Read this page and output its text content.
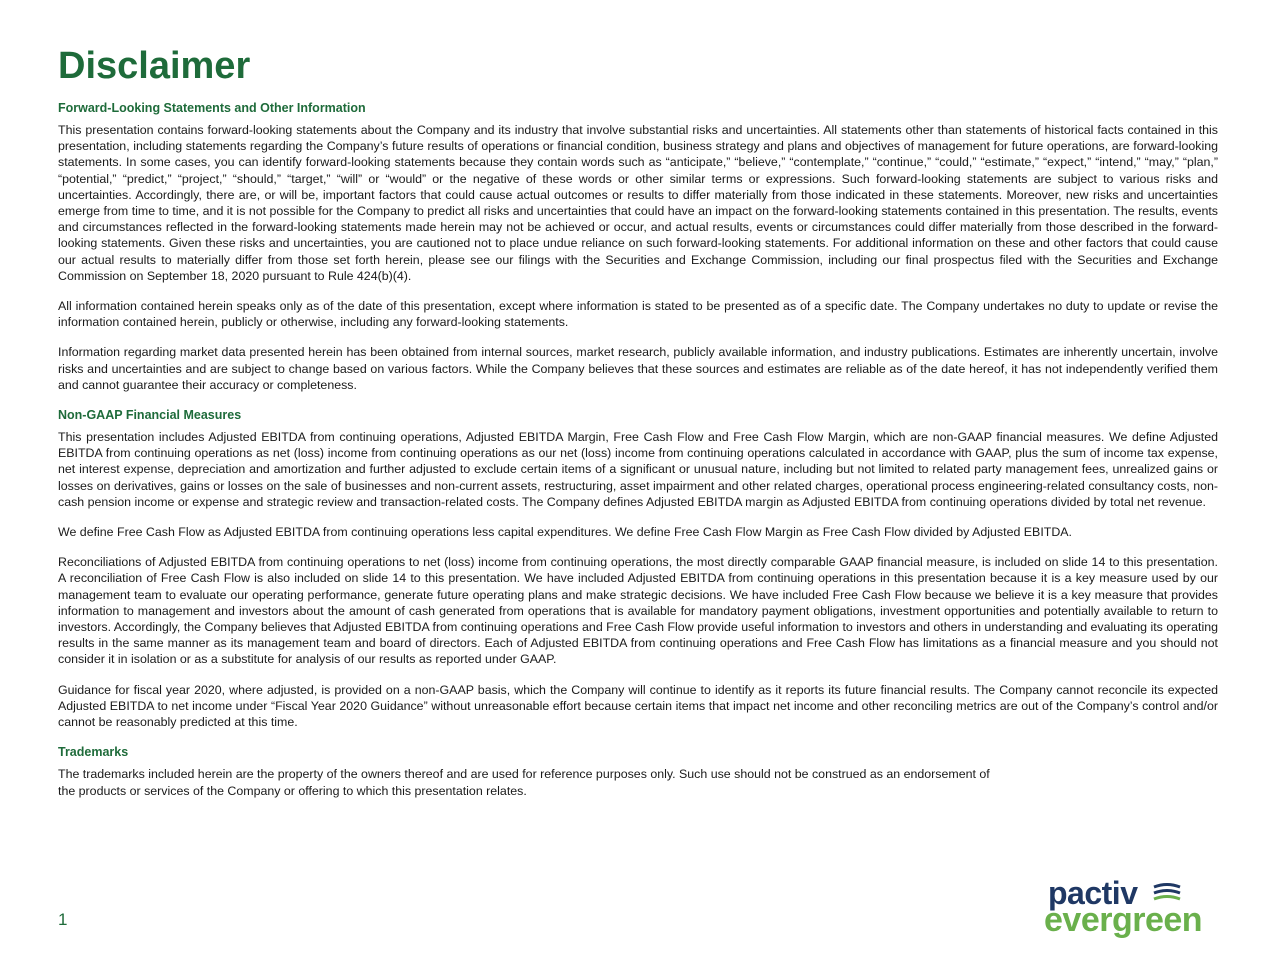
Disclaimer
Forward-Looking Statements and Other Information

This presentation contains forward-looking statements about the Company and its industry that involve substantial risks and uncertainties. All statements other than statements of historical facts contained in this presentation, including statements regarding the Company’s future results of operations or financial condition, business strategy and plans and objectives of management for future operations, are forward-looking statements. In some cases, you can identify forward-looking statements because they contain words such as “anticipate,” “believe,” “contemplate,” “continue,” “could,” “estimate,” “expect,” “intend,” “may,” “plan,” “potential,” “predict,” “project,” “should,” “target,” “will” or “would” or the negative of these words or other similar terms or expressions. Such forward-looking statements are subject to various risks and uncertainties. Accordingly, there are, or will be, important factors that could cause actual outcomes or results to differ materially from those indicated in these statements. Moreover, new risks and uncertainties emerge from time to time, and it is not possible for the Company to predict all risks and uncertainties that could have an impact on the forward-looking statements contained in this presentation. The results, events and circumstances reflected in the forward-looking statements made herein may not be achieved or occur, and actual results, events or circumstances could differ materially from those described in the forward-looking statements. Given these risks and uncertainties, you are cautioned not to place undue reliance on such forward-looking statements. For additional information on these and other factors that could cause our actual results to materially differ from those set forth herein, please see our filings with the Securities and Exchange Commission, including our final prospectus filed with the Securities and Exchange Commission on September 18, 2020 pursuant to Rule 424(b)(4).

All information contained herein speaks only as of the date of this presentation, except where information is stated to be presented as of a specific date. The Company undertakes no duty to update or revise the information contained herein, publicly or otherwise, including any forward-looking statements.

Information regarding market data presented herein has been obtained from internal sources, market research, publicly available information, and industry publications. Estimates are inherently uncertain, involve risks and uncertainties and are subject to change based on various factors. While the Company believes that these sources and estimates are reliable as of the date hereof, it has not independently verified them and cannot guarantee their accuracy or completeness.

Non-GAAP Financial Measures

This presentation includes Adjusted EBITDA from continuing operations, Adjusted EBITDA Margin, Free Cash Flow and Free Cash Flow Margin, which are non-GAAP financial measures. We define Adjusted EBITDA from continuing operations as net (loss) income from continuing operations as our net (loss) income from continuing operations calculated in accordance with GAAP, plus the sum of income tax expense, net interest expense, depreciation and amortization and further adjusted to exclude certain items of a significant or unusual nature, including but not limited to related party management fees, unrealized gains or losses on derivatives, gains or losses on the sale of businesses and non-current assets, restructuring, asset impairment and other related charges, operational process engineering-related consultancy costs, non-cash pension income or expense and strategic review and transaction-related costs. The Company defines Adjusted EBITDA margin as Adjusted EBITDA from continuing operations divided by total net revenue.

We define Free Cash Flow as Adjusted EBITDA from continuing operations less capital expenditures. We define Free Cash Flow Margin as Free Cash Flow divided by Adjusted EBITDA.

Reconciliations of Adjusted EBITDA from continuing operations to net (loss) income from continuing operations, the most directly comparable GAAP financial measure, is included on slide 14 to this presentation. A reconciliation of Free Cash Flow is also included on slide 14 to this presentation. We have included Adjusted EBITDA from continuing operations in this presentation because it is a key measure used by our management team to evaluate our operating performance, generate future operating plans and make strategic decisions. We have included Free Cash Flow because we believe it is a key measure that provides information to management and investors about the amount of cash generated from operations that is available for mandatory payment obligations, investment opportunities and potentially available to return to investors. Accordingly, the Company believes that Adjusted EBITDA from continuing operations and Free Cash Flow provide useful information to investors and others in understanding and evaluating its operating results in the same manner as its management team and board of directors. Each of Adjusted EBITDA from continuing operations and Free Cash Flow has limitations as a financial measure and you should not consider it in isolation or as a substitute for analysis of our results as reported under GAAP.

Guidance for fiscal year 2020, where adjusted, is provided on a non-GAAP basis, which the Company will continue to identify as it reports its future financial results. The Company cannot reconcile its expected Adjusted EBITDA to net income under “Fiscal Year 2020 Guidance” without unreasonable effort because certain items that impact net income and other reconciling metrics are out of the Company’s control and/or cannot be reasonably predicted at this time.

Trademarks

The trademarks included herein are the property of the owners thereof and are used for reference purposes only. Such use should not be construed as an endorsement of the products or services of the Company or offering to which this presentation relates.

1
pactiv
evergreen
